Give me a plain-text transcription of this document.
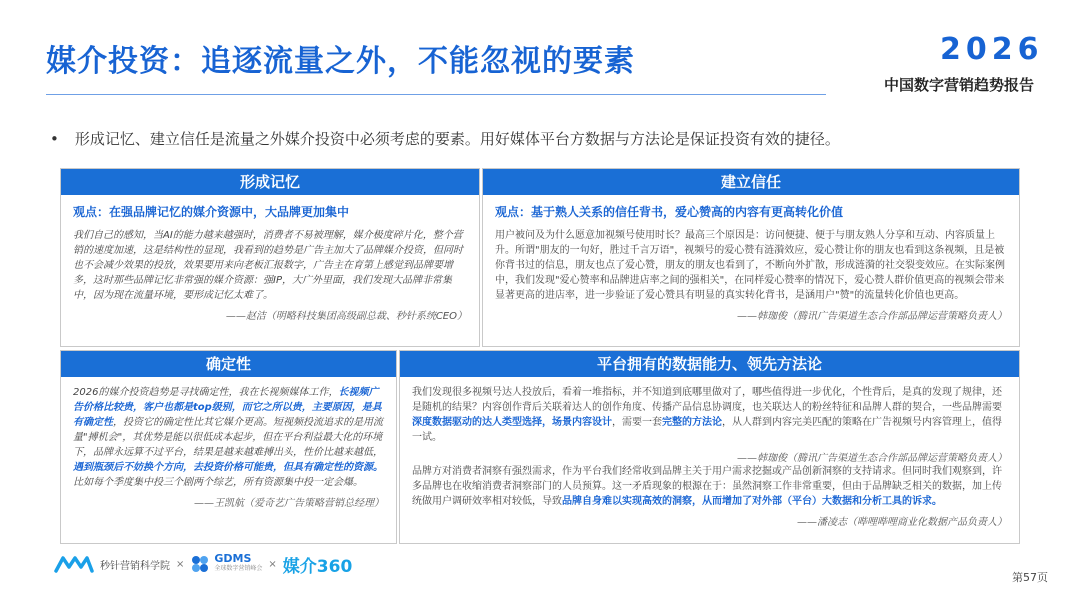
媒介投资：追逐流量之外，不能忽视的要素	2026
中国数字营销趋势报告
• 形成记忆、建立信任是流量之外媒介投资中必须考虑的要素。用好媒体平台方数据与方法论是保证投资有效的捷径。
形成记忆
观点：在强品牌记忆的媒介资源中，大品牌更加集中
我们自己的感知，当AI的能力越来越强时，消费者不易被理解，媒介极度碎片化，整个营销的速度加速，这是结构性的显现，我看到的趋势是广告主加大了品牌媒介投资，但同时也不会减少效果的投放，效果要用来向老板汇报数字，广告主在育第上感觉到品牌要增多，这时那些品牌记忆非常强的媒介资源：强IP，大广外里面，我们发现大品牌非常集中，因为现在流量环境，要形成记忆太难了。
——赵洁（明略科技集团高级副总裁、秒针系统CEO）
建立信任
观点：基于熟人关系的信任背书，爱心赞高的内容有更高转化价值
用户被问及为什么愿意加视频号使用时长？最高三个原因是：访问便捷、便于与朋友熟人分享和互动、内容质量上升。所谓"朋友的一句好，胜过千言万语"，视频号的爱心赞有涟漪效应，爱心赞让你的朋友也看到这条视频，且是被你背书过的信息，朋友也点了爱心赞，朋友的朋友也看到了，不断向外扩散，形成涟漪的社交裂变效应。在实际案例中，我们发现"爱心赞率和品牌进店率之间的强相关"，在同样爱心赞率的情况下，爱心赞人群价值更高的视频会带来显著更高的进店率，进一步验证了爱心赞具有明显的真实转化背书，是涵用户"赞"的流量转化价值也更高。
——韩珈俊（腾讯广告渠道生态合作部品牌运营策略负责人）
确定性
2026的媒介投资趋势是寻找确定性，我在长视频媒体工作，长视频广告价格比较贵，客户也都是top级别，而它之所以贵，主要原因，是具有确定性，投资它的确定性比其它媒介更高。短视频投流追求的是用流量"搏机会"，其优势是能以很低成本起步，但在平台利益最大化的环境下，品牌永远算不过平台，结果是越来越难搏出头，性价比越来越低，遇到瓶颈后不妨换个方向，去投资价格可能贵，但具有确定性的资源。比如每个季度集中投三个剧两个综艺，所有资源集中投一定会爆。
——王凯航（爱奇艺广告策略营销总经理）
平台拥有的数据能力、领先方法论
我们发现很多视频号达人投放后，看着一堆指标，并不知道到底哪里做对了，哪些值得进一步优化，个性背后，是真的发现了规律，还是随机的结果？内容创作背后关联着达人的创作角度、传播产品信息协调度，也关联达人的粉丝特征和品牌人群的契合，一些品牌需要深度数据驱动的达人类型选择，场景内容设计，需要一套完整的方法论，从人群到内容完美匹配的策略在广告视频号内容管理上，值得一试。
——韩珈俊（腾讯广告渠道生态合作部品牌运营策略负责人）
品牌方对消费者洞察有强烈需求，作为平台我们经常收到品牌主关于用户需求挖掘或产品创新洞察的支持请求。但同时我们观察到，许多品牌也在收缩消费者洞察部门的人员预算。这一矛盾现象的根源在于：虽然洞察工作非常重要，但由于品牌缺乏相关的数据，加上传统做用户调研效率相对较低，导致品牌自身难以实现高效的洞察，从而增加了对外部（平台）大数据和分析工具的诉求。
——潘凌志（哔哩哔哩商业化数据产品负责人）
秒针营销科学院 ×	GDMS
全球数字营销峰会 × 媒介360
第57页
